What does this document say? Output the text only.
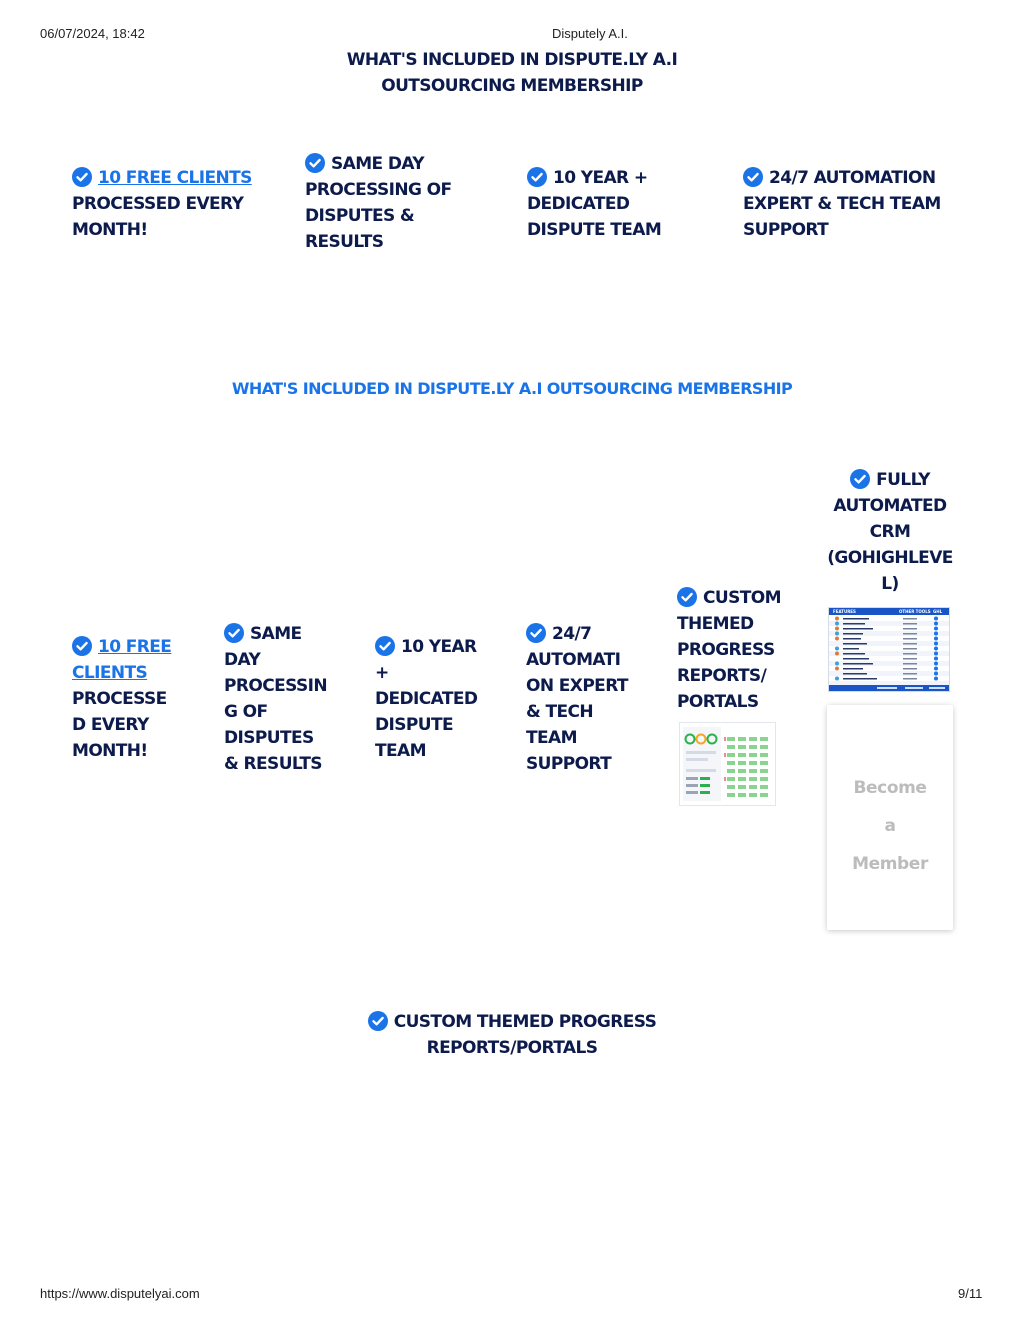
06/07/2024, 18:42	Disputely A.I.
https://www.disputelyai.com	9/11
WHAT'S INCLUDED IN DISPUTE.LY A.I
OUTSOURCING MEMBERSHIP
10 FREE CLIENTS
PROCESSED EVERY
MONTH!
SAME DAY
PROCESSING OF
DISPUTES &
RESULTS
10 YEAR +
DEDICATED
DISPUTE TEAM
24/7 AUTOMATION
EXPERT & TECH TEAM
SUPPORT
WHAT'S INCLUDED IN DISPUTE.LY A.I OUTSOURCING MEMBERSHIP
10 FREE
CLIENTS
PROCESSE
D EVERY
MONTH!
SAME
DAY
PROCESSIN
G OF
DISPUTES
& RESULTS
10 YEAR
+
DEDICATED
DISPUTE
TEAM
24/7
AUTOMATI
ON EXPERT
& TECH
TEAM
SUPPORT
CUSTOM
THEMED
PROGRESS
REPORTS/
PORTALS
FULLY
AUTOMATED
CRM
(GOHIGHLEVE
L)
FEATURES	OTHER TOOLS GHL
Become
a
Member
CUSTOM THEMED PROGRESS
REPORTS/PORTALS
